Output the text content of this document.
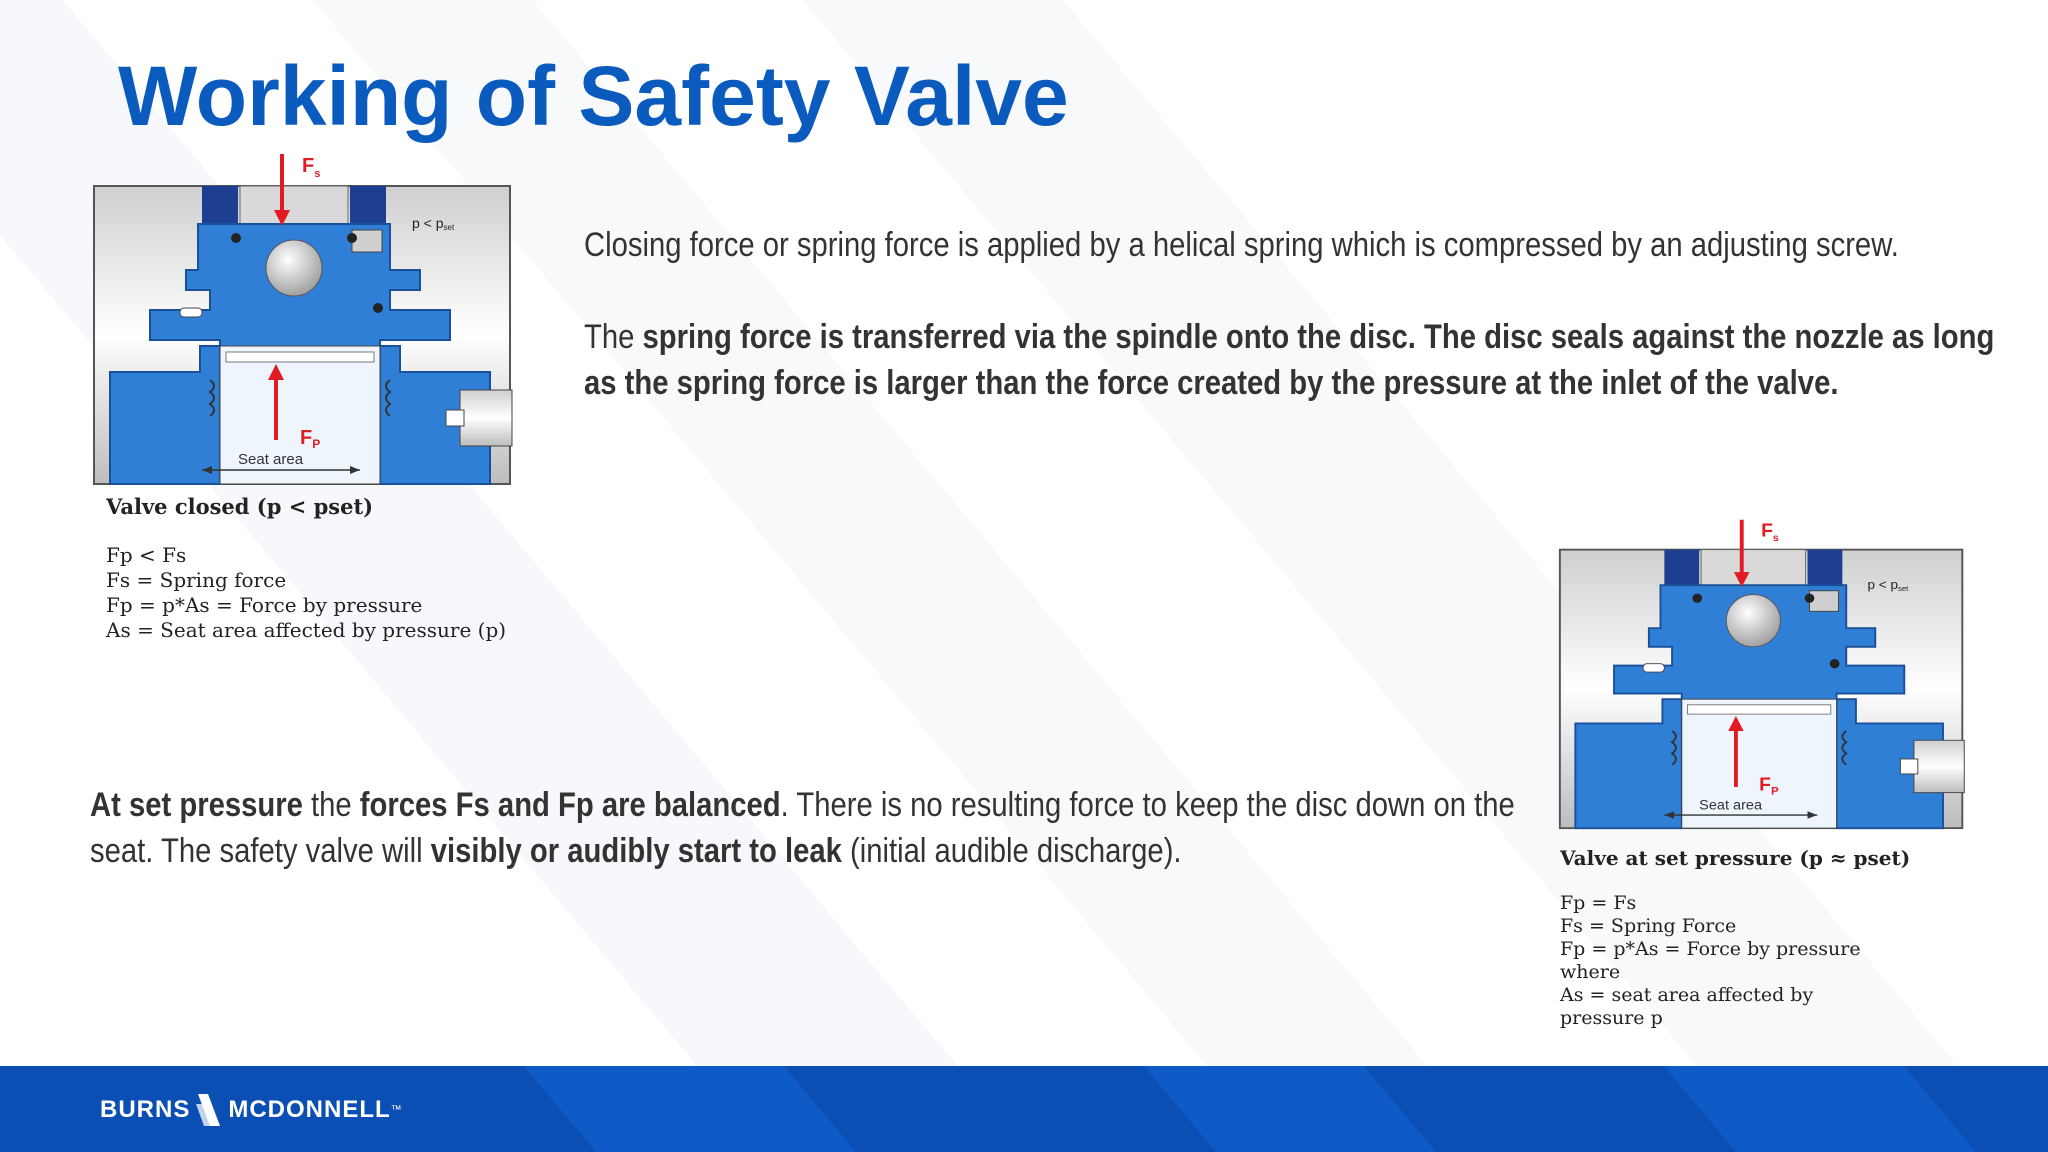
Working of Safety Valve
$F_s$
$F_P$
p < pset
Seat area

Valve closed (p < pset)

Fp < Fs

Fs = Spring force

Fp = p*As = Force by pressure

As = Seat area affected by pressure (p)

Closing force or spring force is applied by a helical spring which is compressed by an adjusting screw.

The spring force is transferred via the spindle onto the disc. The disc seals against the nozzle as long as the spring force is larger than the force created by the pressure at the inlet of the valve.

At set pressure the forces Fs and Fp are balanced. There is no resulting force to keep the disc down on the seat. The safety valve will visibly or audibly start to leak (initial audible discharge).

$F_s$
$F_P$
p < pset
Seat area

Valve at set pressure (p ≈ pset)

Fp = Fs

Fs = Spring Force

Fp = p*As = Force by pressure

where

As = seat area affected by

pressure p

BURNS MCDONNELL ™
